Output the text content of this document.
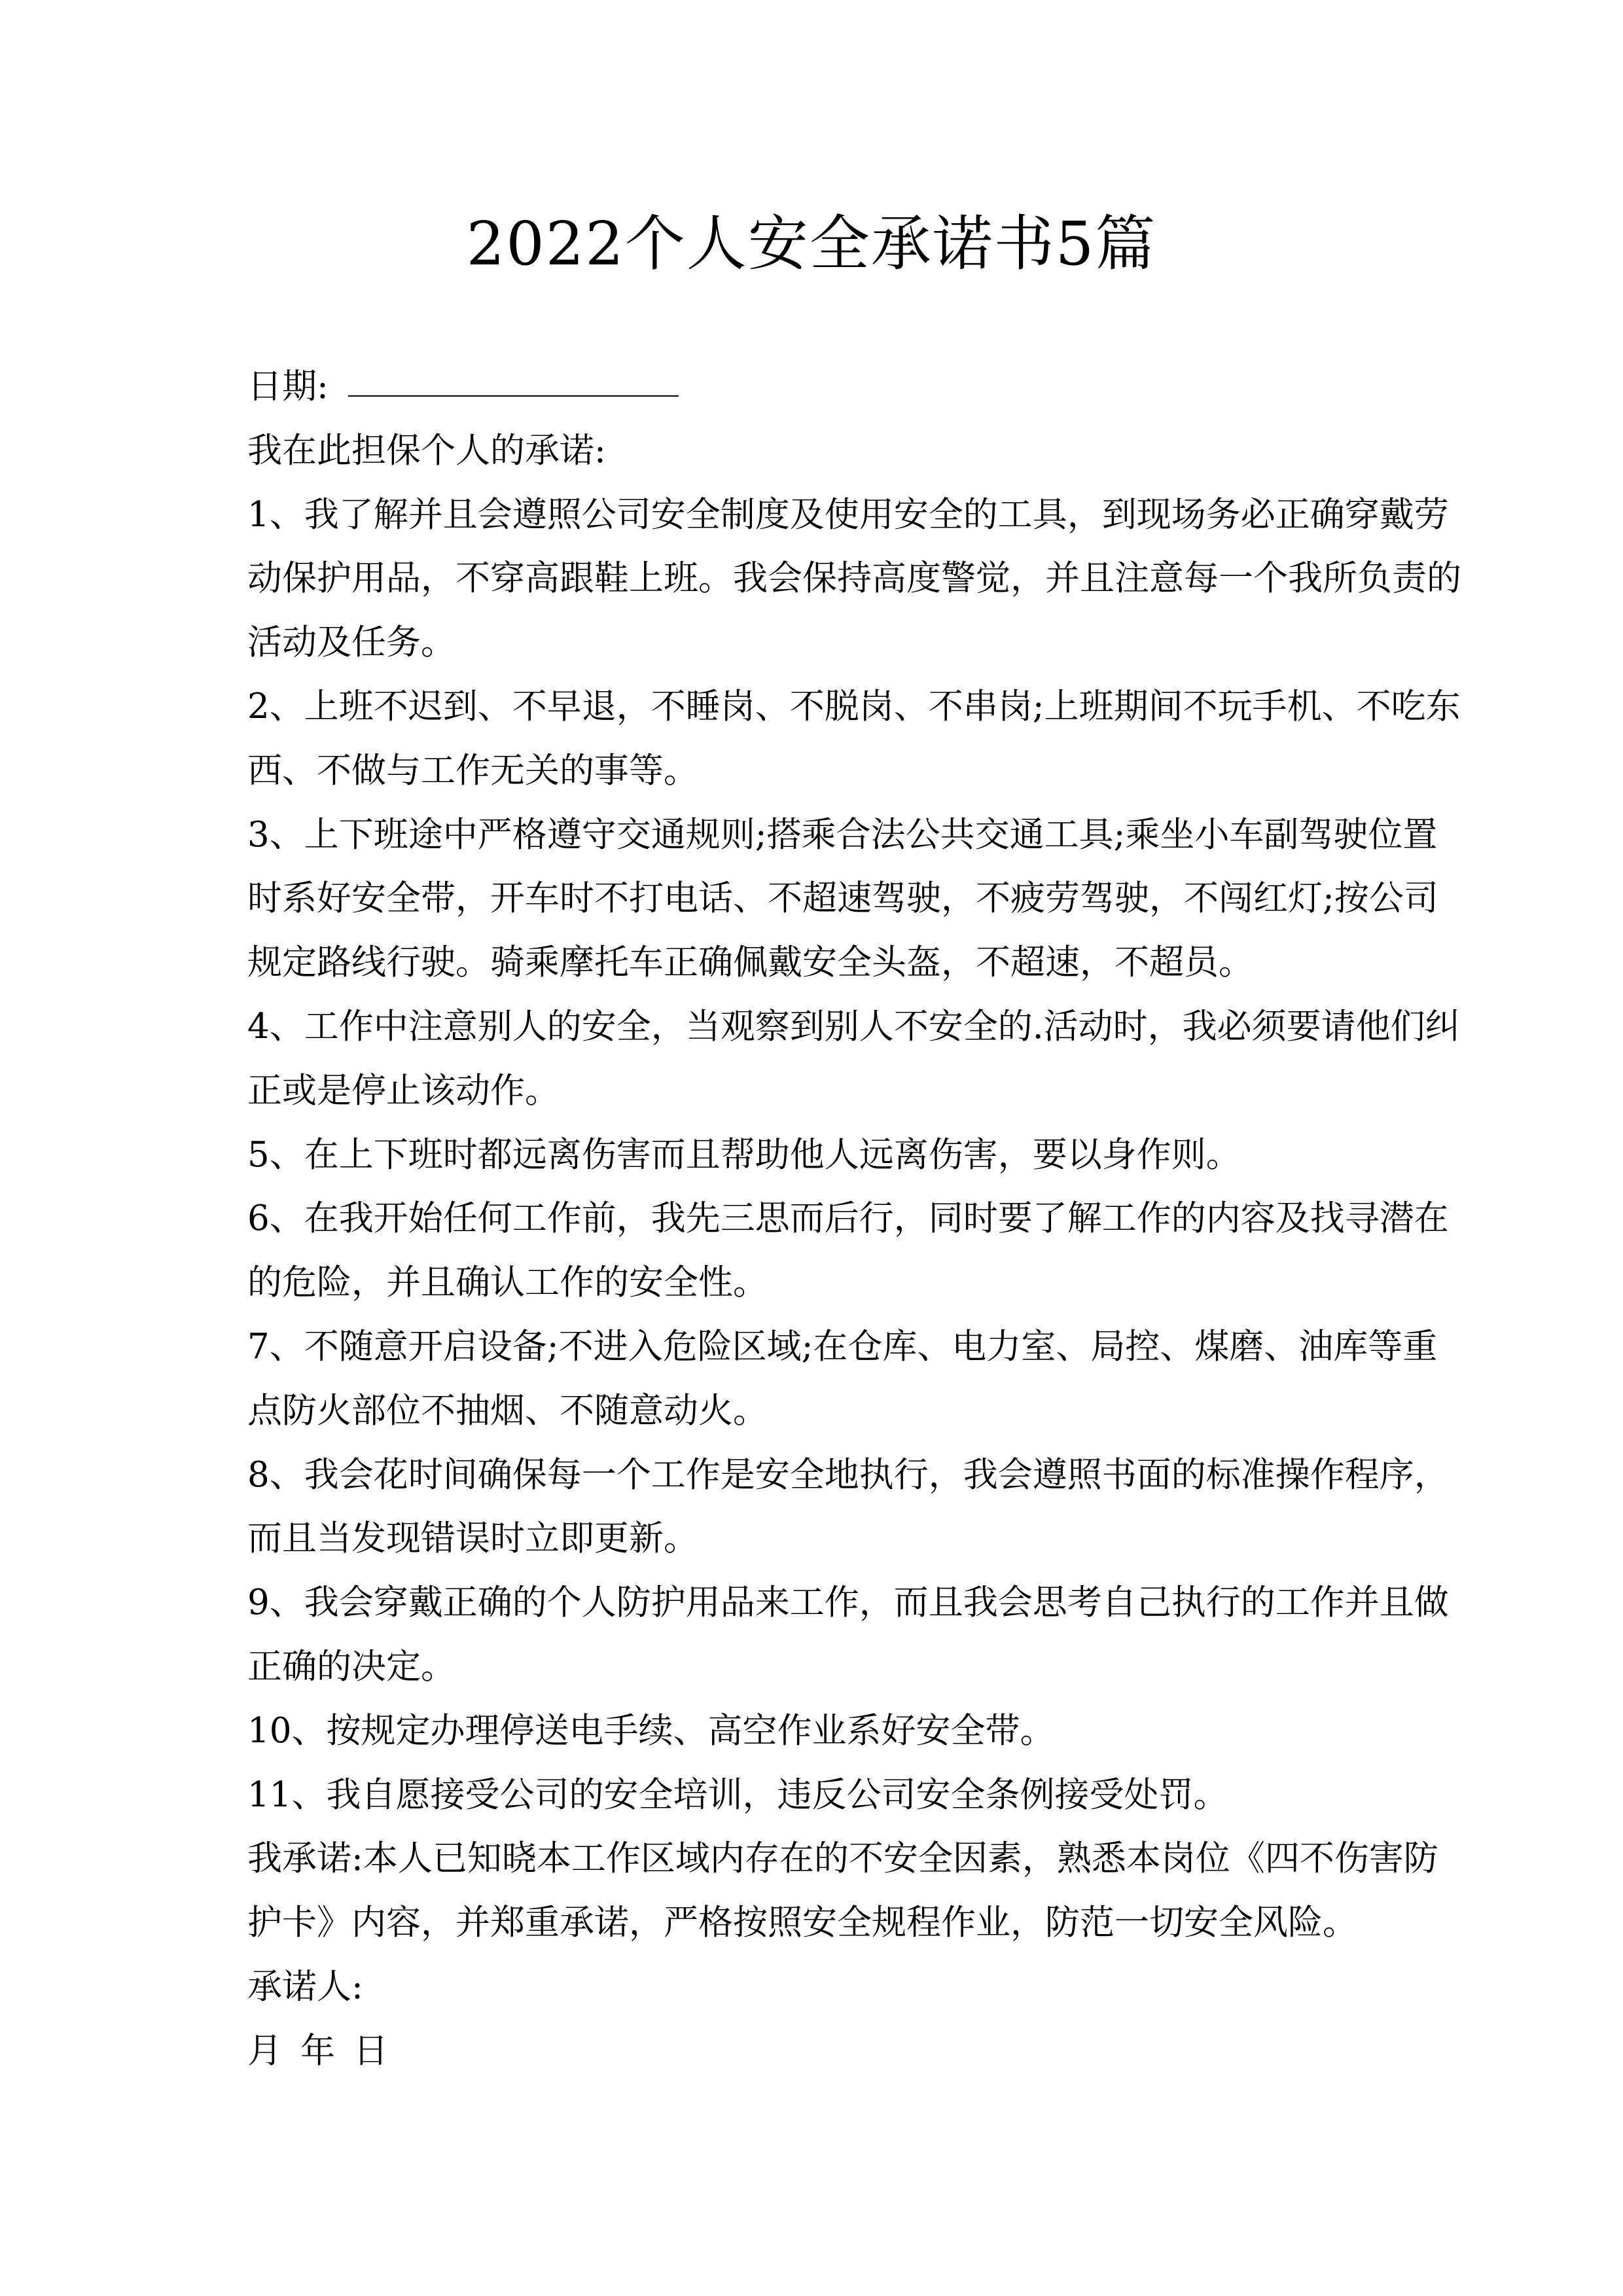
2022个人安全承诺书5篇
日期:
我在此担保个人的承诺:
1、我了解并且会遵照公司安全制度及使用安全的工具，到现场务必正确穿戴劳
动保护用品，不穿高跟鞋上班。我会保持高度警觉，并且注意每一个我所负责的
活动及任务。
2、上班不迟到、不早退，不睡岗、不脱岗、不串岗;上班期间不玩手机、不吃东
西、不做与工作无关的事等。
3、上下班途中严格遵守交通规则;搭乘合法公共交通工具;乘坐小车副驾驶位置
时系好安全带，开车时不打电话、不超速驾驶，不疲劳驾驶，不闯红灯;按公司
规定路线行驶。骑乘摩托车正确佩戴安全头盔，不超速，不超员。
4、工作中注意别人的安全，当观察到别人不安全的.活动时，我必须要请他们纠
正或是停止该动作。
5、在上下班时都远离伤害而且帮助他人远离伤害，要以身作则。
6、在我开始任何工作前，我先三思而后行，同时要了解工作的内容及找寻潜在
的危险，并且确认工作的安全性。
7、不随意开启设备;不进入危险区域;在仓库、电力室、局控、煤磨、油库等重
点防火部位不抽烟、不随意动火。
8、我会花时间确保每一个工作是安全地执行，我会遵照书面的标准操作程序，
而且当发现错误时立即更新。
9、我会穿戴正确的个人防护用品来工作，而且我会思考自己执行的工作并且做
正确的决定。
10、按规定办理停送电手续、高空作业系好安全带。
11、我自愿接受公司的安全培训，违反公司安全条例接受处罚。
我承诺:本人已知晓本工作区域内存在的不安全因素，熟悉本岗位《四不伤害防
护卡》内容，并郑重承诺，严格按照安全规程作业，防范一切安全风险。
承诺人:
月 年 日
